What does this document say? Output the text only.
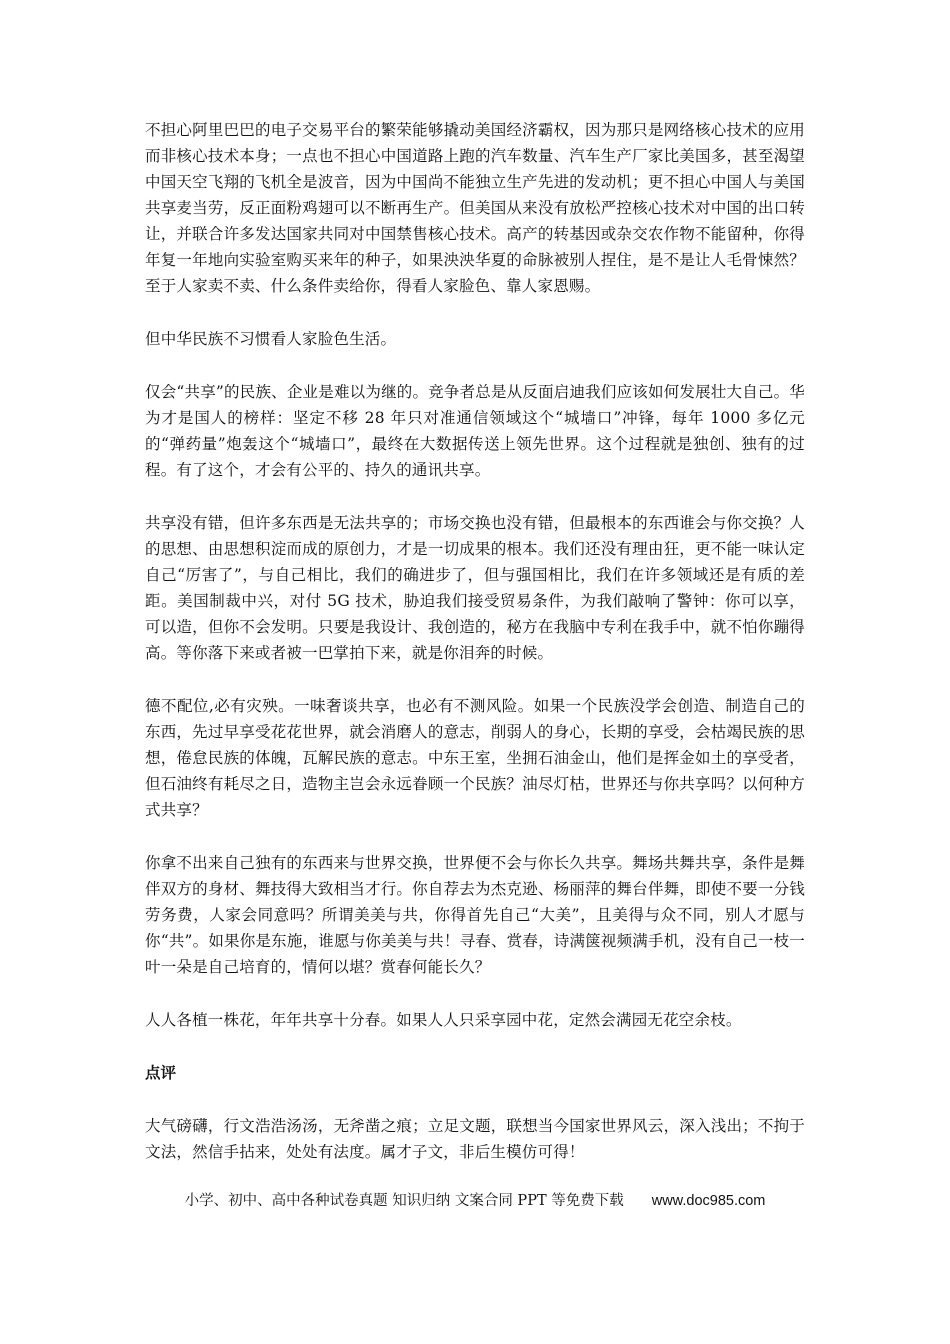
不担心阿里巴巴的电子交易平台的繁荣能够撬动美国经济霸权，因为那只是网络核心技术的应用而非核心技术本身；一点也不担心中国道路上跑的汽车数量、汽车生产厂家比美国多，甚至渴望中国天空飞翔的飞机全是波音，因为中国尚不能独立生产先进的发动机；更不担心中国人与美国共享麦当劳，反正面粉鸡翅可以不断再生产。但美国从来没有放松严控核心技术对中国的出口转让，并联合许多发达国家共同对中国禁售核心技术。高产的转基因或杂交农作物不能留种，你得年复一年地向实验室购买来年的种子，如果泱泱华夏的命脉被别人捏住，是不是让人毛骨悚然？至于人家卖不卖、什么条件卖给你，得看人家脸色、靠人家恩赐。

但中华民族不习惯看人家脸色生活。

仅会“共享”的民族、企业是难以为继的。竞争者总是从反面启迪我们应该如何发展壮大自己。华为才是国人的榜样：坚定不移 28 年只对准通信领域这个“城墙口”冲锋，每年 1000 多亿元的“弹药量”炮轰这个“城墙口”，最终在大数据传送上领先世界。这个过程就是独创、独有的过程。有了这个，才会有公平的、持久的通讯共享。

共享没有错，但许多东西是无法共享的；市场交换也没有错，但最根本的东西谁会与你交换？人的思想、由思想积淀而成的原创力，才是一切成果的根本。我们还没有理由狂，更不能一味认定自己“厉害了”，与自己相比，我们的确进步了，但与强国相比，我们在许多领域还是有质的差距。美国制裁中兴，对付 5G 技术，胁迫我们接受贸易条件，为我们敲响了警钟：你可以享，可以造，但你不会发明。只要是我设计、我创造的，秘方在我脑中专利在我手中，就不怕你蹦得高。等你落下来或者被一巴掌拍下来，就是你泪奔的时候。

德不配位,必有灾殃。一味奢谈共享，也必有不测风险。如果一个民族没学会创造、制造自己的东西，先过早享受花花世界，就会消磨人的意志，削弱人的身心，长期的享受，会枯竭民族的思想，倦怠民族的体魄，瓦解民族的意志。中东王室，坐拥石油金山，他们是挥金如土的享受者，但石油终有耗尽之日，造物主岂会永远眷顾一个民族？油尽灯枯，世界还与你共享吗？以何种方式共享？

你拿不出来自己独有的东西来与世界交换，世界便不会与你长久共享。舞场共舞共享，条件是舞伴双方的身材、舞技得大致相当才行。你自荐去为杰克逊、杨丽萍的舞台伴舞，即使不要一分钱劳务费，人家会同意吗？所谓美美与共，你得首先自己“大美”，且美得与众不同，别人才愿与你“共”。如果你是东施，谁愿与你美美与共！寻春、赏春，诗满箧视频满手机，没有自己一枝一叶一朵是自己培育的，情何以堪？赏春何能长久？

人人各植一株花，年年共享十分春。如果人人只采享园中花，定然会满园无花空余枝。

点评

大气磅礴，行文浩浩汤汤，无斧凿之痕；立足文题，联想当今国家世界风云，深入浅出；不拘于文法，然信手拈来，处处有法度。属才子文，非后生模仿可得！

小学、初中、高中各种试卷真题 知识归纳 文案合同 PPT 等免费下载 www.doc985.com
